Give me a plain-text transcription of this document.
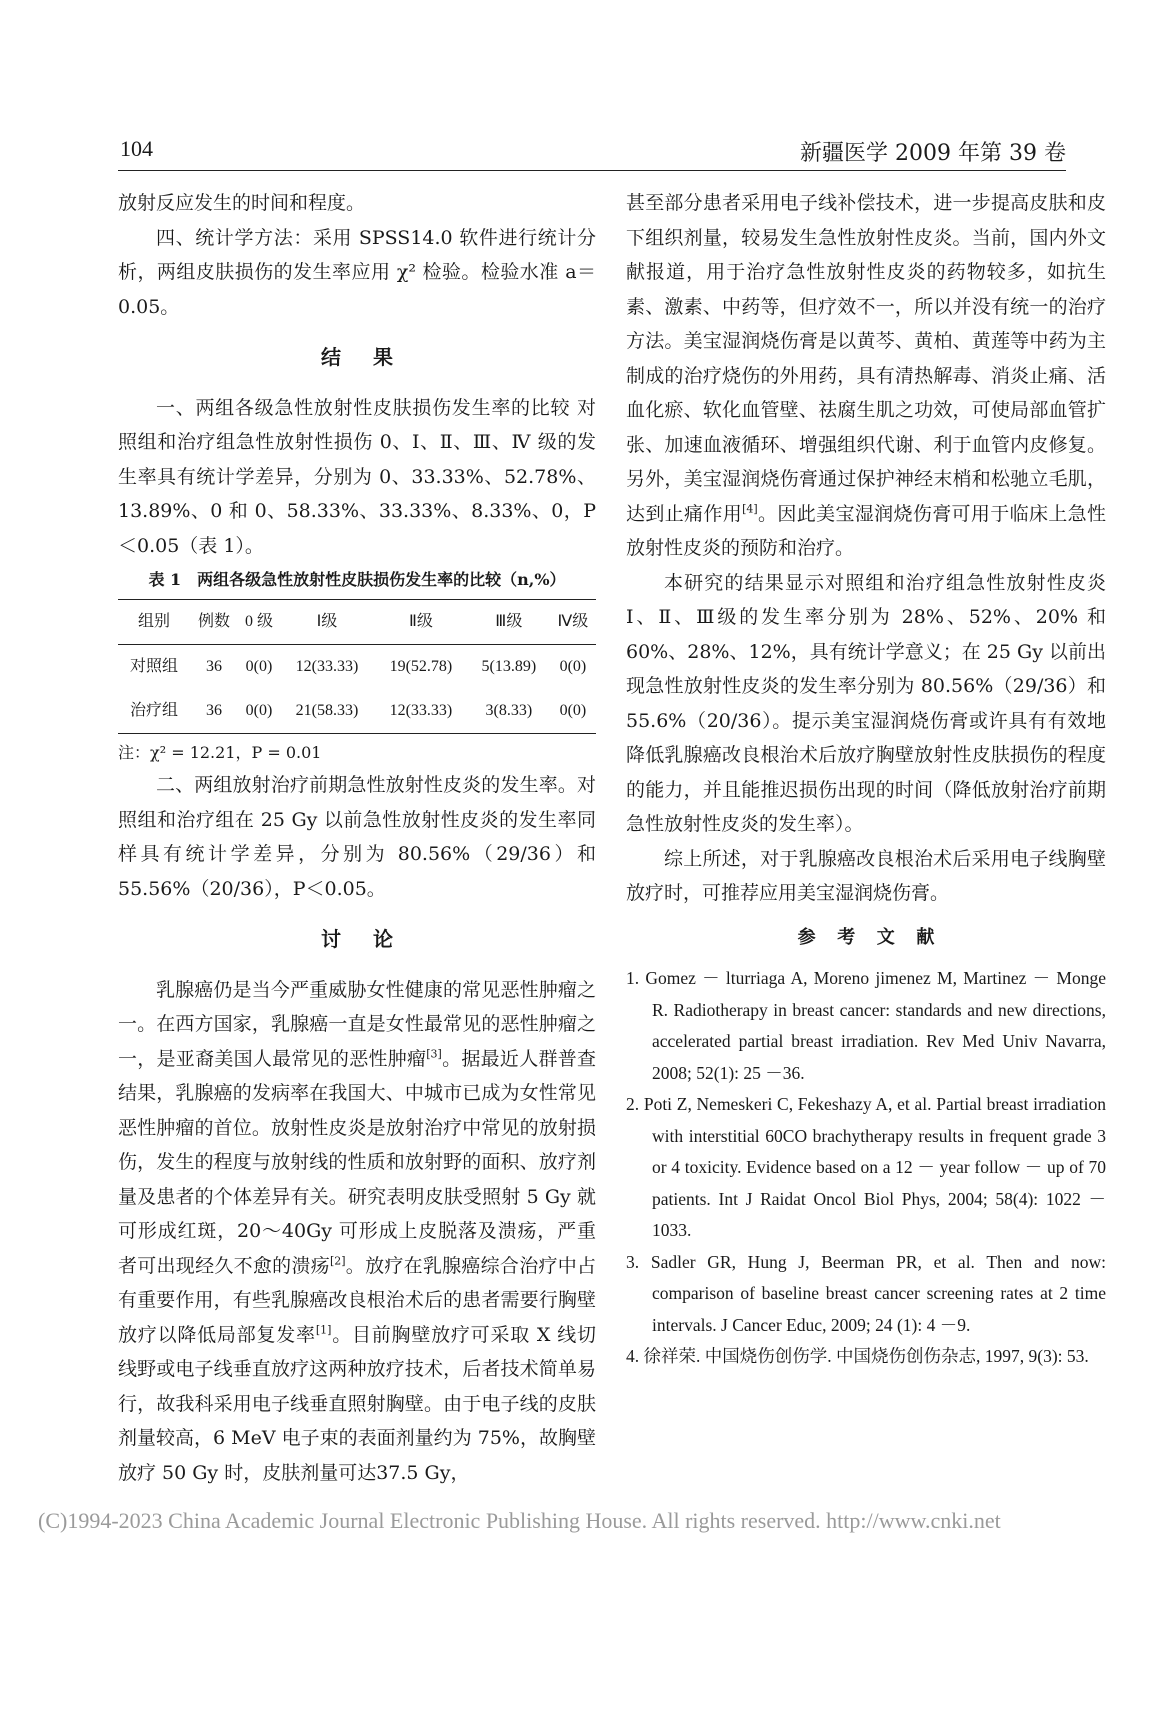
104	新疆医学 2009 年第 39 卷

放射反应发生的时间和程度。

四、统计学方法：采用 SPSS14.0 软件进行统计分析，两组皮肤损伤的发生率应用 χ² 检验。检验水准 a＝0.05。

结果

一、两组各级急性放射性皮肤损伤发生率的比较 对照组和治疗组急性放射性损伤 0、Ⅰ、Ⅱ、Ⅲ、Ⅳ 级的发生率具有统计学差异，分别为 0、33.33%、52.78%、13.89%、0 和 0、58.33%、33.33%、8.33%、0，P＜0.05（表 1）。

表 1　两组各级急性放射性皮肤损伤发生率的比较（n,%）

组别	例数	0 级	Ⅰ级	Ⅱ级	Ⅲ级	Ⅳ级
对照组	36	0(0)	12(33.33)	19(52.78)	5(13.89)	0(0)
治疗组	36	0(0)	21(58.33)	12(33.33)	3(8.33)	0(0)

注：χ² = 12.21，P = 0.01

二、两组放射治疗前期急性放射性皮炎的发生率。对照组和治疗组在 25 Gy 以前急性放射性皮炎的发生率同样具有统计学差异，分别为 80.56%（29/36）和 55.56%（20/36），P＜0.05。

讨论

乳腺癌仍是当今严重威胁女性健康的常见恶性肿瘤之一。在西方国家，乳腺癌一直是女性最常见的恶性肿瘤之一，是亚裔美国人最常见的恶性肿瘤[3]。据最近人群普查结果，乳腺癌的发病率在我国大、中城市已成为女性常见恶性肿瘤的首位。放射性皮炎是放射治疗中常见的放射损伤，发生的程度与放射线的性质和放射野的面积、放疗剂量及患者的个体差异有关。研究表明皮肤受照射 5 Gy 就可形成红斑，20～40Gy 可形成上皮脱落及溃疡，严重者可出现经久不愈的溃疡[2]。放疗在乳腺癌综合治疗中占有重要作用，有些乳腺癌改良根治术后的患者需要行胸壁放疗以降低局部复发率[1]。目前胸壁放疗可采取 X 线切线野或电子线垂直放疗这两种放疗技术，后者技术简单易行，故我科采用电子线垂直照射胸壁。由于电子线的皮肤剂量较高，6 MeV 电子束的表面剂量约为 75%，故胸壁放疗 50 Gy 时，皮肤剂量可达37.5 Gy，

甚至部分患者采用电子线补偿技术，进一步提高皮肤和皮下组织剂量，较易发生急性放射性皮炎。当前，国内外文献报道，用于治疗急性放射性皮炎的药物较多，如抗生素、激素、中药等，但疗效不一，所以并没有统一的治疗方法。美宝湿润烧伤膏是以黄芩、黄柏、黄莲等中药为主制成的治疗烧伤的外用药，具有清热解毒、消炎止痛、活血化瘀、软化血管壁、祛腐生肌之功效，可使局部血管扩张、加速血液循环、增强组织代谢、利于血管内皮修复。另外，美宝湿润烧伤膏通过保护神经末梢和松驰立毛肌，达到止痛作用[4]。因此美宝湿润烧伤膏可用于临床上急性放射性皮炎的预防和治疗。

本研究的结果显示对照组和治疗组急性放射性皮炎Ⅰ、Ⅱ、Ⅲ级的发生率分别为 28%、52%、20% 和 60%、28%、12%，具有统计学意义；在 25 Gy 以前出现急性放射性皮炎的发生率分别为 80.56%（29/36）和 55.6%（20/36）。提示美宝湿润烧伤膏或许具有有效地降低乳腺癌改良根治术后放疗胸壁放射性皮肤损伤的程度的能力，并且能推迟损伤出现的时间（降低放射治疗前期急性放射性皮炎的发生率）。

综上所述，对于乳腺癌改良根治术后采用电子线胸壁放疗时，可推荐应用美宝湿润烧伤膏。

参考文献

1. Gomez － lturriaga A, Moreno jimenez M, Martinez － Monge R. Radiotherapy in breast cancer: standards and new directions, accelerated partial breast irradiation. Rev Med Univ Navarra, 2008; 52(1): 25 －36.

2. Poti Z, Nemeskeri C, Fekeshazy A, et al. Partial breast irradiation with interstitial 60CO brachytherapy results in frequent grade 3 or 4 toxicity. Evidence based on a 12 － year follow － up of 70 patients. Int J Raidat Oncol Biol Phys, 2004; 58(4): 1022 － 1033.

3. Sadler GR, Hung J, Beerman PR, et al. Then and now: comparison of baseline breast cancer screening rates at 2 time intervals. J Cancer Educ, 2009; 24 (1): 4 －9.

4. 徐祥荣. 中国烧伤创伤学. 中国烧伤创伤杂志, 1997, 9(3): 53.

(C)1994-2023 China Academic Journal Electronic Publishing House. All rights reserved. http://www.cnki.net
